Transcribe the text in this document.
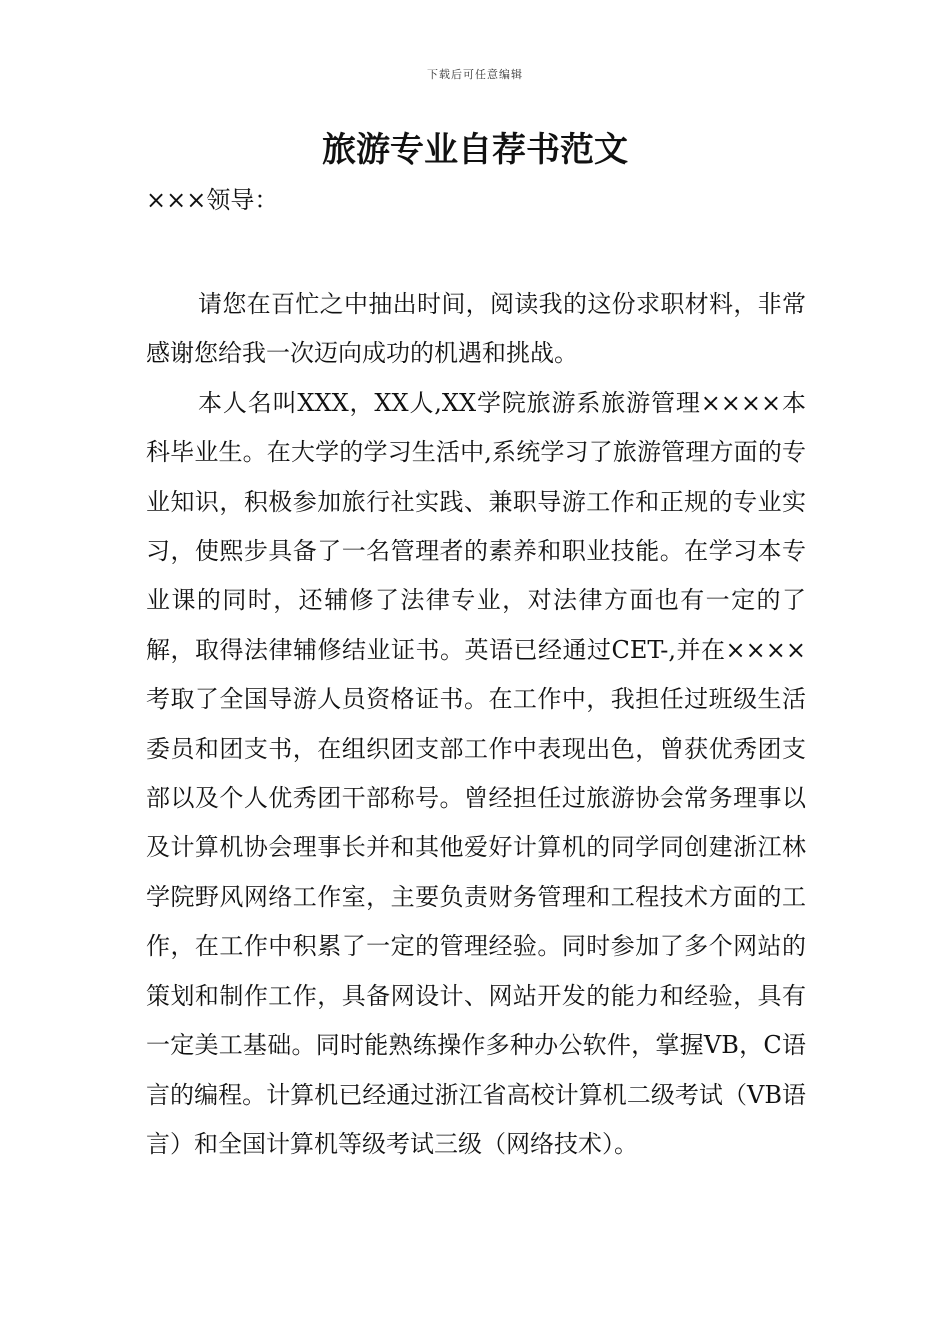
下载后可任意编辑
旅游专业自荐书范文
×××领导：

请您在百忙之中抽出时间，阅读我的这份求职材料，非常感谢您给我一次迈向成功的机遇和挑战。

本人名叫XXX，XX人,XX学院旅游系旅游管理××××本科毕业生。在大学的学习生活中,系统学习了旅游管理方面的专业知识，积极参加旅行社实践、兼职导游工作和正规的专业实习，使熙步具备了一名管理者的素养和职业技能。在学习本专业课的同时，还辅修了法律专业，对法律方面也有一定的了解，取得法律辅修结业证书。英语已经通过CET-,并在××××考取了全国导游人员资格证书。在工作中，我担任过班级生活委员和团支书，在组织团支部工作中表现出色，曾获优秀团支部以及个人优秀团干部称号。曾经担任过旅游协会常务理事以及计算机协会理事长并和其他爱好计算机的同学同创建浙江林学院野风网络工作室，主要负责财务管理和工程技术方面的工作，在工作中积累了一定的管理经验。同时参加了多个网站的策划和制作工作，具备网设计、网站开发的能力和经验，具有一定美工基础。同时能熟练操作多种办公软件，掌握VB，C语言的编程。计算机已经通过浙江省高校计算机二级考试（VB语言）和全国计算机等级考试三级（网络技术）。
